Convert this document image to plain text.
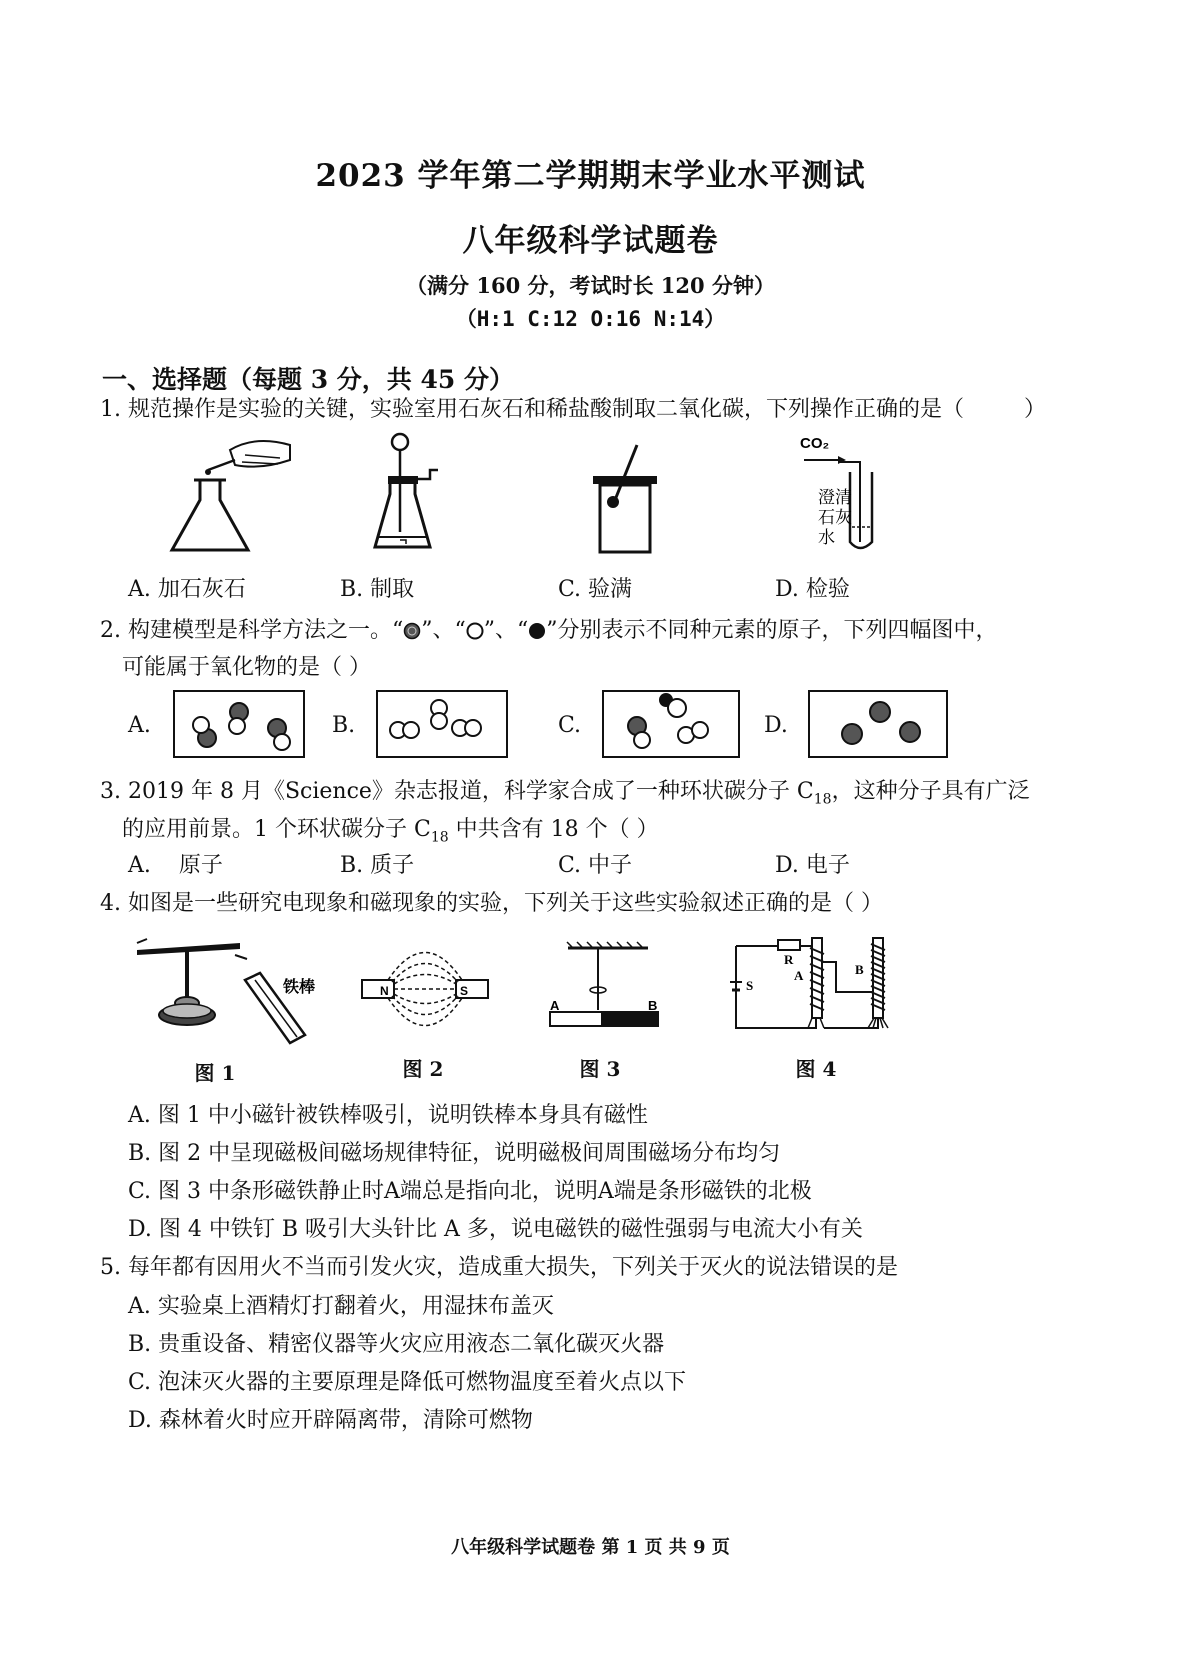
2023 学年第二学期期末学业水平测试
八年级科学试题卷
（满分 160 分，考试时长 120 分钟）
（H:1 C:12 O:16 N:14）
一、选择题（每题 3 分，共 45 分）
1. 规范操作是实验的关键，实验室用石灰石和稀盐酸制取二氧化碳，下列操作正确的是（	）
CO₂
澄清
石灰
水
A. 加石灰石	B. 制取	C. 验满	D. 检验
2. 构建模型是科学方法之一。“ ”、“ ”、“ ”分别表示不同种元素的原子，下列四幅图中，
可能属于氧化物的是（ ）
A.	B.	C.	D.
3. 2019 年 8 月《Science》杂志报道，科学家合成了一种环状碳分子 $C_{18}$，这种分子具有广泛
的应用前景。1 个环状碳分子 $C_{18}$ 中共含有 18 个（ ）
A.    原子	B. 质子	C. 中子	D. 电子
4. 如图是一些研究电现象和磁现象的实验，下列关于这些实验叙述正确的是（ ）
铁棒	N	S
A	B
R
S
A	B
图 1	图 2	图 3	图 4
A. 图 1 中小磁针被铁棒吸引，说明铁棒本身具有磁性
B. 图 2 中呈现磁极间磁场规律特征，说明磁极间周围磁场分布均匀
C. 图 3 中条形磁铁静止时A端总是指向北，说明A端是条形磁铁的北极
D. 图 4 中铁钉 B 吸引大头针比 A 多，说电磁铁的磁性强弱与电流大小有关
5. 每年都有因用火不当而引发火灾，造成重大损失，下列关于灭火的说法错误的是
A. 实验桌上酒精灯打翻着火，用湿抹布盖灭
B. 贵重设备、精密仪器等火灾应用液态二氧化碳灭火器
C. 泡沫灭火器的主要原理是降低可燃物温度至着火点以下
D. 森林着火时应开辟隔离带，清除可燃物
八年级科学试题卷 第 1 页 共 9 页
